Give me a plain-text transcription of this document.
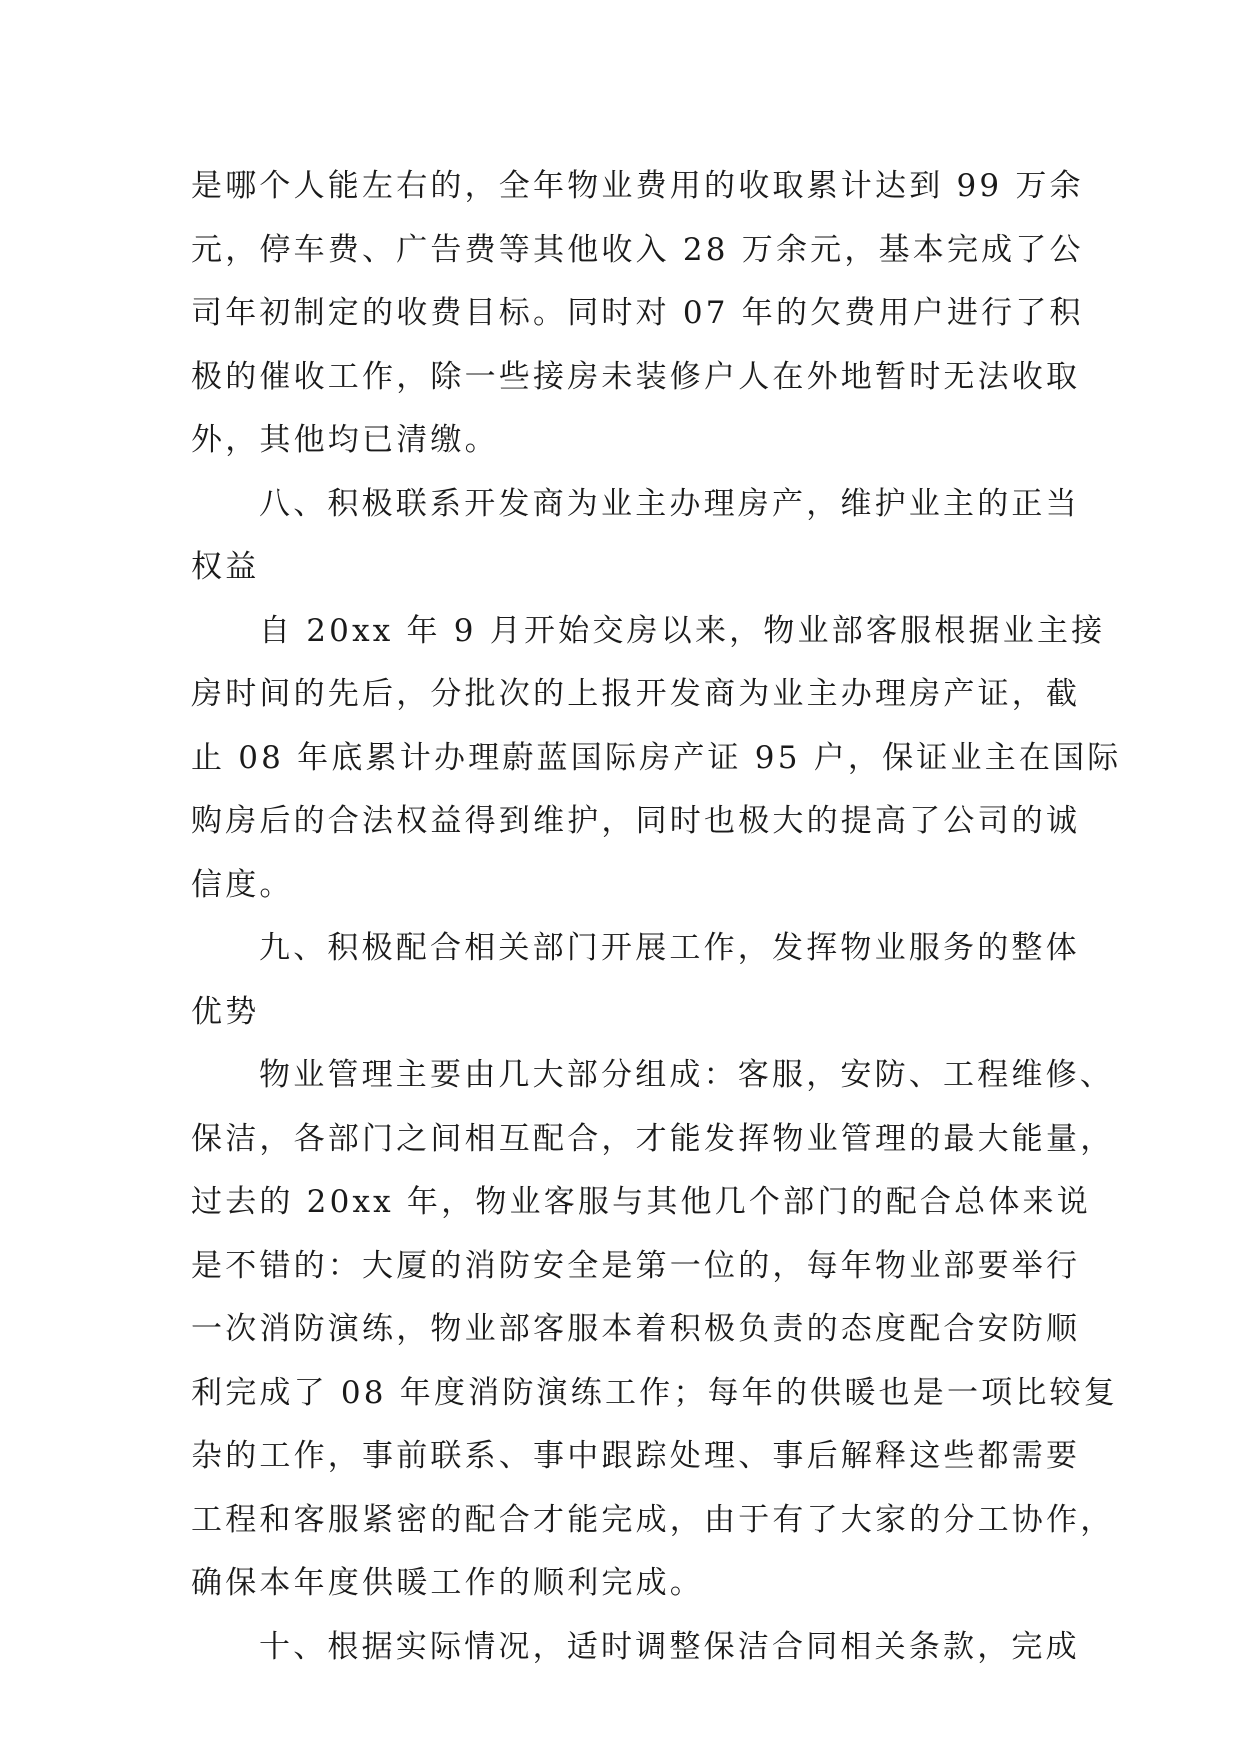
是哪个人能左右的，全年物业费用的收取累计达到 99 万余
元，停车费、广告费等其他收入 28 万余元，基本完成了公
司年初制定的收费目标。同时对 07 年的欠费用户进行了积
极的催收工作，除一些接房未装修户人在外地暂时无法收取
外，其他均已清缴。
八、积极联系开发商为业主办理房产，维护业主的正当
权益
自 20xx 年 9 月开始交房以来，物业部客服根据业主接
房时间的先后，分批次的上报开发商为业主办理房产证，截
止 08 年底累计办理蔚蓝国际房产证 95 户，保证业主在国际
购房后的合法权益得到维护，同时也极大的提高了公司的诚
信度。
九、积极配合相关部门开展工作，发挥物业服务的整体
优势
物业管理主要由几大部分组成：客服，安防、工程维修、
保洁，各部门之间相互配合，才能发挥物业管理的最大能量，
过去的 20xx 年，物业客服与其他几个部门的配合总体来说
是不错的：大厦的消防安全是第一位的，每年物业部要举行
一次消防演练，物业部客服本着积极负责的态度配合安防顺
利完成了 08 年度消防演练工作；每年的供暖也是一项比较复
杂的工作，事前联系、事中跟踪处理、事后解释这些都需要
工程和客服紧密的配合才能完成，由于有了大家的分工协作，
确保本年度供暖工作的顺利完成。
十、根据实际情况，适时调整保洁合同相关条款，完成
